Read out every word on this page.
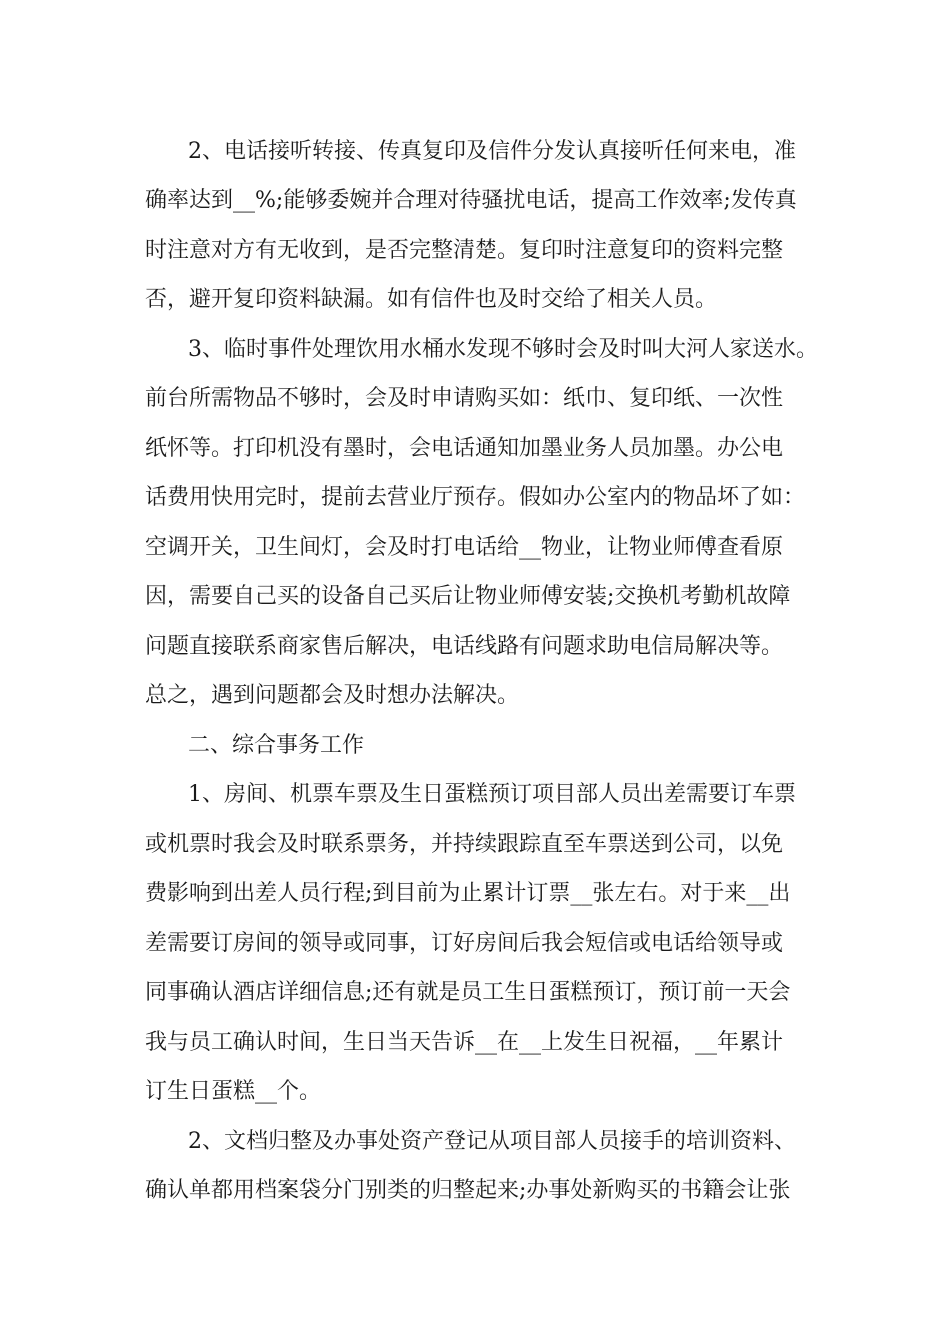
2、电话接听转接、传真复印及信件分发认真接听任何来电，准
确率达到__%;能够委婉并合理对待骚扰电话，提高工作效率;发传真
时注意对方有无收到，是否完整清楚。复印时注意复印的资料完整
否，避开复印资料缺漏。如有信件也及时交给了相关人员。
3、临时事件处理饮用水桶水发现不够时会及时叫大河人家送水。
前台所需物品不够时，会及时申请购买如：纸巾、复印纸、一次性
纸怀等。打印机没有墨时，会电话通知加墨业务人员加墨。办公电
话费用快用完时，提前去营业厅预存。假如办公室内的物品坏了如：
空调开关，卫生间灯，会及时打电话给__物业，让物业师傅查看原
因，需要自己买的设备自己买后让物业师傅安装;交换机考勤机故障
问题直接联系商家售后解决，电话线路有问题求助电信局解决等。
总之，遇到问题都会及时想办法解决。
二、综合事务工作
1、房间、机票车票及生日蛋糕预订项目部人员出差需要订车票
或机票时我会及时联系票务，并持续跟踪直至车票送到公司，以免
费影响到出差人员行程;到目前为止累计订票__张左右。对于来__出
差需要订房间的领导或同事，订好房间后我会短信或电话给领导或
同事确认酒店详细信息;还有就是员工生日蛋糕预订，预订前一天会
我与员工确认时间，生日当天告诉__在__上发生日祝福，__年累计
订生日蛋糕__个。
2、文档归整及办事处资产登记从项目部人员接手的培训资料、
确认单都用档案袋分门别类的归整起来;办事处新购买的书籍会让张
